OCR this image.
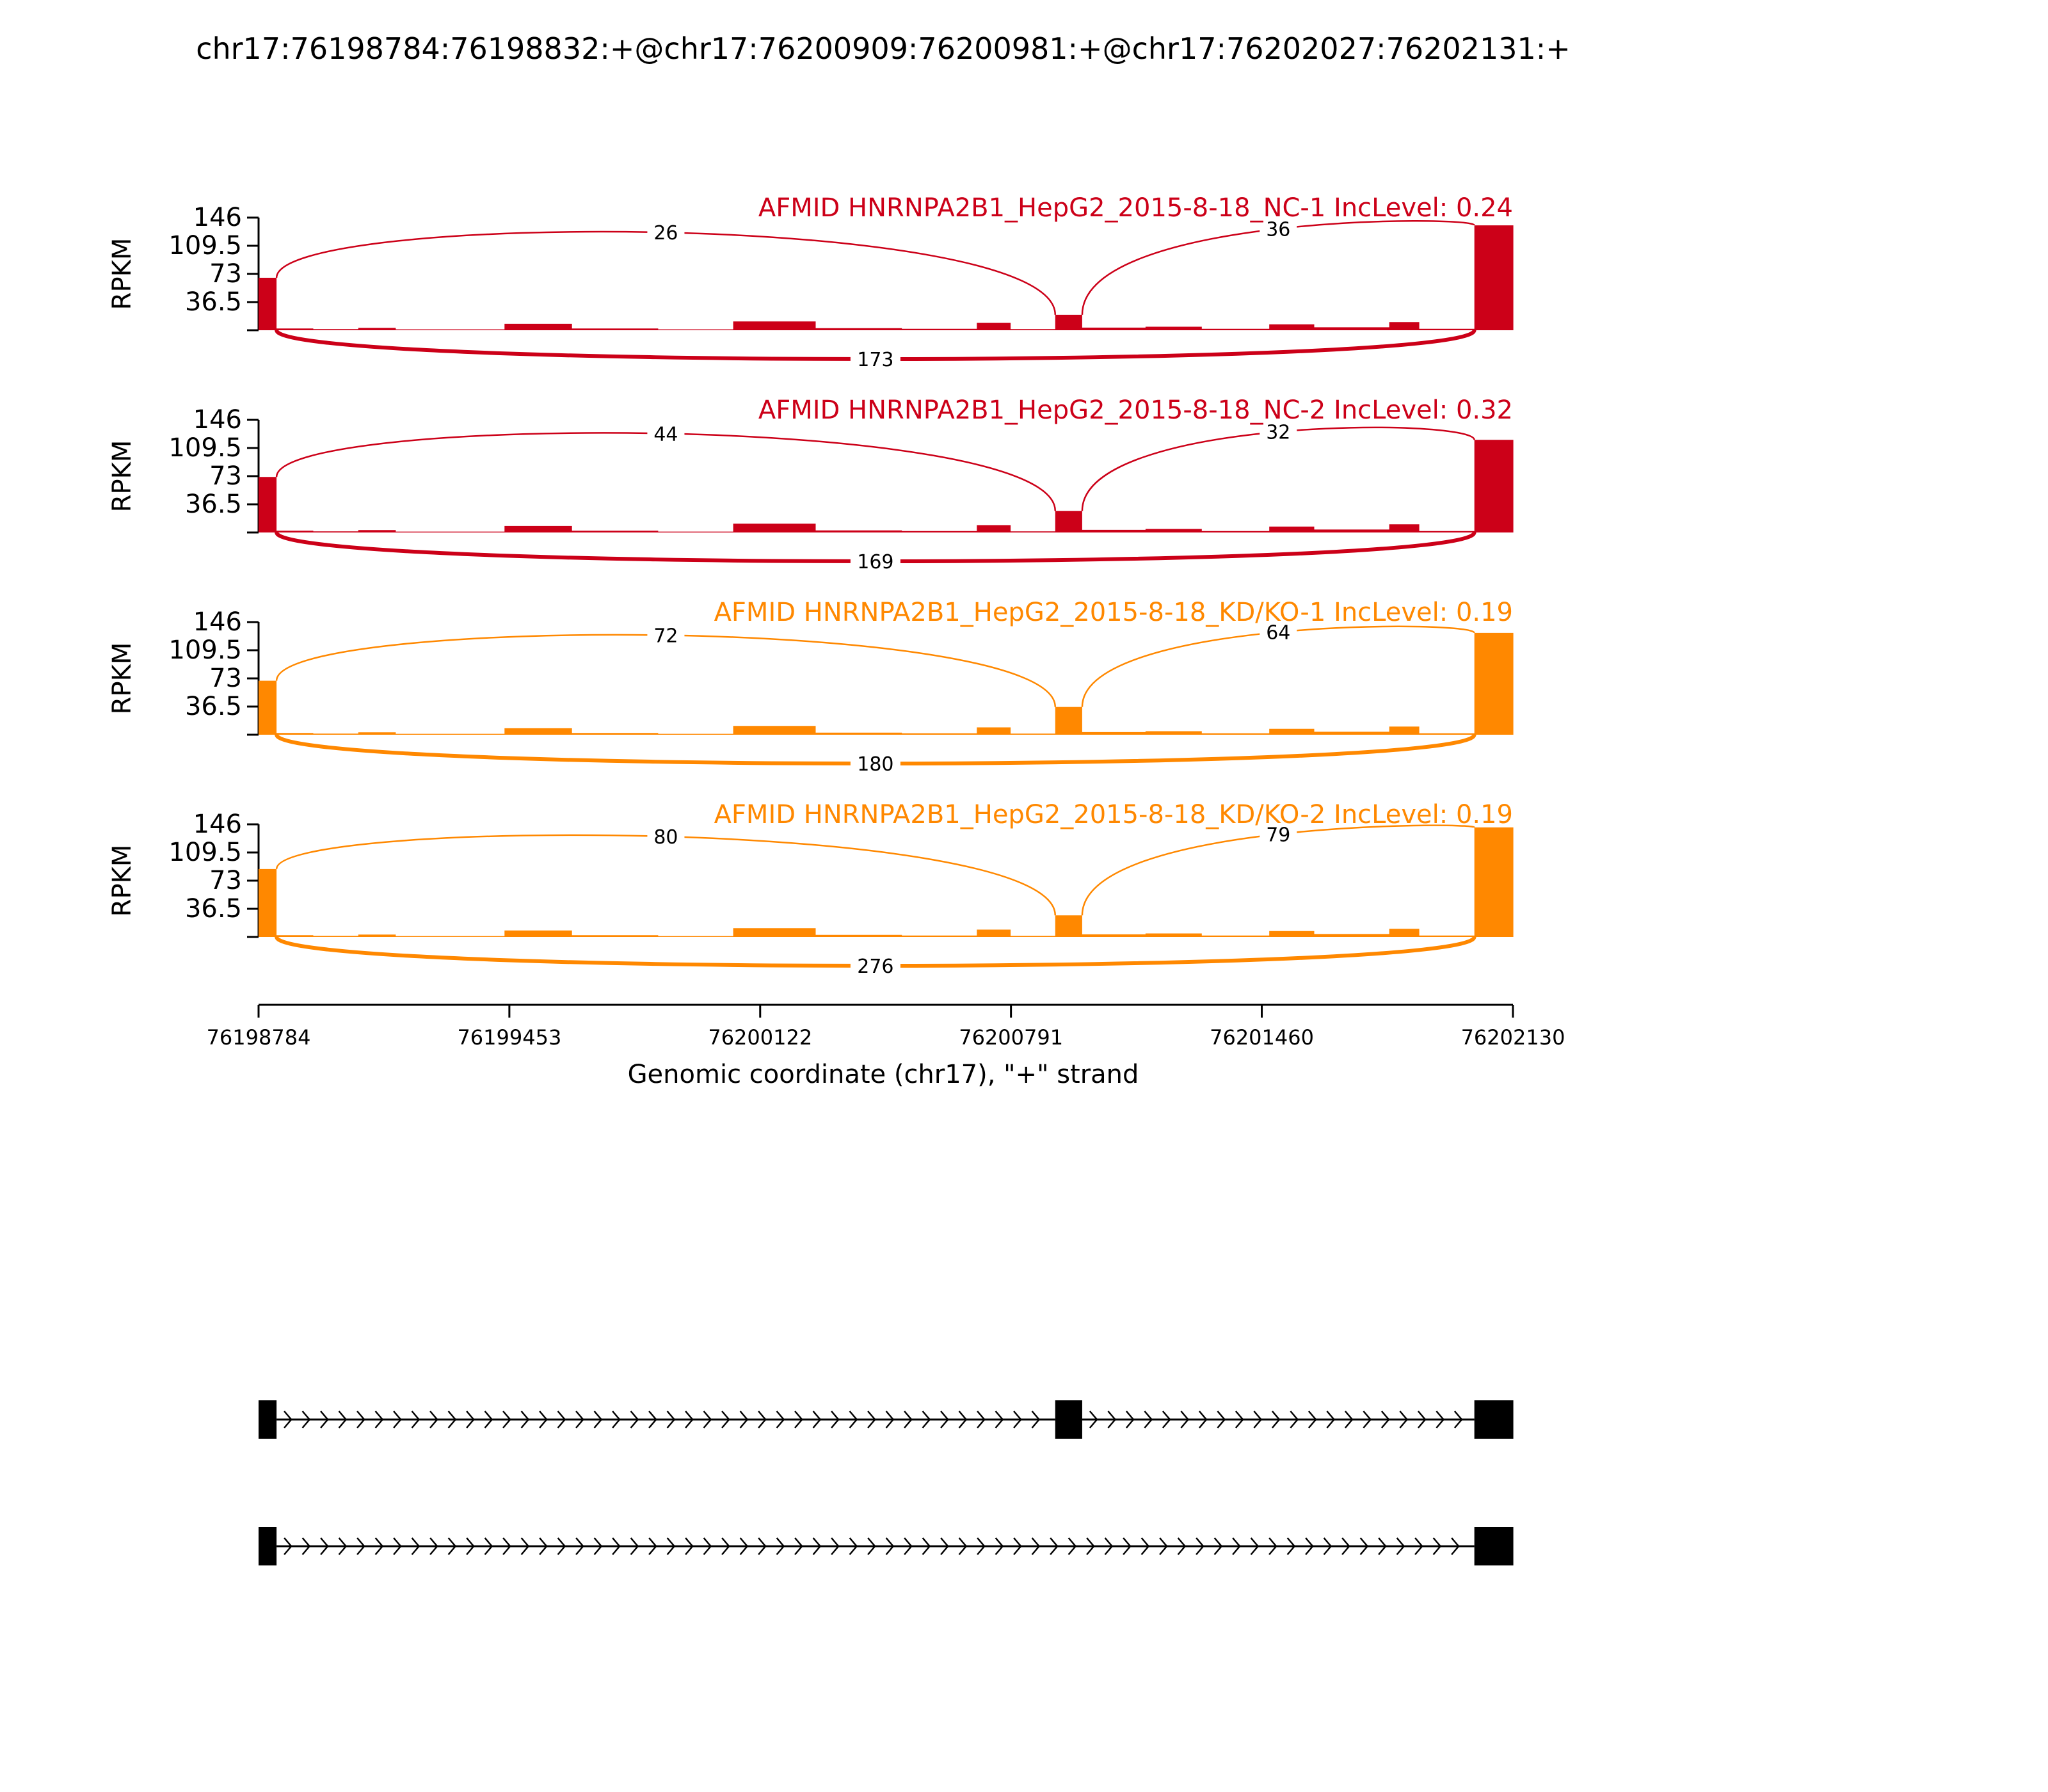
chr17:76198784:76198832:+@chr17:76200909:76200981:+@chr17:76202027:76202131:+
146
109.5
73
36.5
RPKM
26	36
173
AFMID HNRNPA2B1_HepG2_2015-8-18_NC-1 IncLevel: 0.24
146
109.5
73
36.5
RPKM
44	32
169
AFMID HNRNPA2B1_HepG2_2015-8-18_NC-2 IncLevel: 0.32
146
109.5
73
36.5
RPKM
72	64
180
AFMID HNRNPA2B1_HepG2_2015-8-18_KD/KO-1 IncLevel: 0.19
146
109.5
73
36.5
RPKM
80	79
276
AFMID HNRNPA2B1_HepG2_2015-8-18_KD/KO-2 IncLevel: 0.19
76198784	76199453	76200122	76200791	76201460	76202130
Genomic coordinate (chr17), "+" strand
